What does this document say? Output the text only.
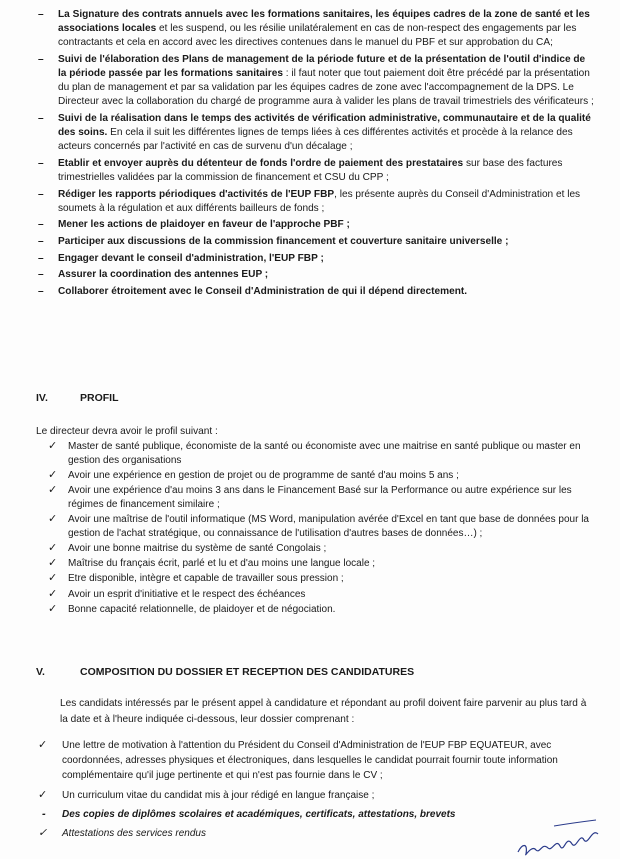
– La Signature des contrats annuels avec les formations sanitaires, les équipes cadres de la zone de santé et les associations locales et les suspend, ou les résilie unilatéralement en cas de non-respect des engagements par les contractants et cela en accord avec les directives contenues dans le manuel du PBF et sur approbation du CA;
– Suivi de l'élaboration des Plans de management de la période future et de la présentation de l'outil d'indice de la période passée par les formations sanitaires : il faut noter que tout paiement doit être précédé par la présentation du plan de management et par sa validation par les équipes cadres de zone avec l'accompagnement de la DPS. Le Directeur avec la collaboration du chargé de programme aura à valider les plans de travail trimestriels des vérificateurs ;
– Suivi de la réalisation dans le temps des activités de vérification administrative, communautaire et de la qualité des soins. En cela il suit les différentes lignes de temps liées à ces différentes activités et procède à la relance des acteurs concernés par l'activité en cas de survenu d'un décalage ;
– Etablir et envoyer auprès du détenteur de fonds l'ordre de paiement des prestataires sur base des factures trimestrielles validées par la commission de financement et CSU du CPP ;
– Rédiger les rapports périodiques d'activités de l'EUP FBP, les présente auprès du Conseil d'Administration et les soumets à la régulation et aux différents bailleurs de fonds ;
– Mener les actions de plaidoyer en faveur de l'approche PBF ;
– Participer aux discussions de la commission financement et couverture sanitaire universelle ;
– Engager devant le conseil d'administration, l'EUP FBP ;
– Assurer la coordination des antennes EUP ;
– Collaborer étroitement avec le Conseil d'Administration de qui il dépend directement.
IV.	PROFIL
Le directeur devra avoir le profil suivant :
✓ Master de santé publique, économiste de la santé ou économiste avec une maitrise en santé publique ou master en gestion des organisations
✓ Avoir une expérience en gestion de projet ou de programme de santé d'au moins 5 ans ;
✓ Avoir une expérience d'au moins 3 ans dans le Financement Basé sur la Performance ou autre expérience sur les régimes de financement similaire ;
✓ Avoir une maîtrise de l'outil informatique (MS Word, manipulation avérée d'Excel en tant que base de données pour la gestion de l'achat stratégique, ou connaissance de l'utilisation d'autres bases de données…) ;
✓ Avoir une bonne maitrise du système de santé Congolais ;
✓ Maîtrise du français écrit, parlé et lu et d'au moins une langue locale ;
✓ Etre disponible, intègre et capable de travailler sous pression ;
✓ Avoir un esprit d'initiative et le respect des échéances
✓ Bonne capacité relationnelle, de plaidoyer et de négociation.
V.	COMPOSITION DU DOSSIER ET RECEPTION DES CANDIDATURES
Les candidats intéressés par le présent appel à candidature et répondant au profil doivent faire parvenir au plus tard à la date et à l'heure indiquée ci-dessous, leur dossier comprenant :
✓ Une lettre de motivation à l'attention du Président du Conseil d'Administration de l'EUP FBP EQUATEUR, avec coordonnées, adresses physiques et électroniques, dans lesquelles le candidat pourrait fournir toute information complémentaire qu'il juge pertinente et qui n'est pas fournie dans le CV ;
✓ Un curriculum vitae du candidat mis à jour rédigé en langue française ;
- Des copies de diplômes scolaires et académiques, certificats, attestations, brevets
✓ Attestations des services rendus
